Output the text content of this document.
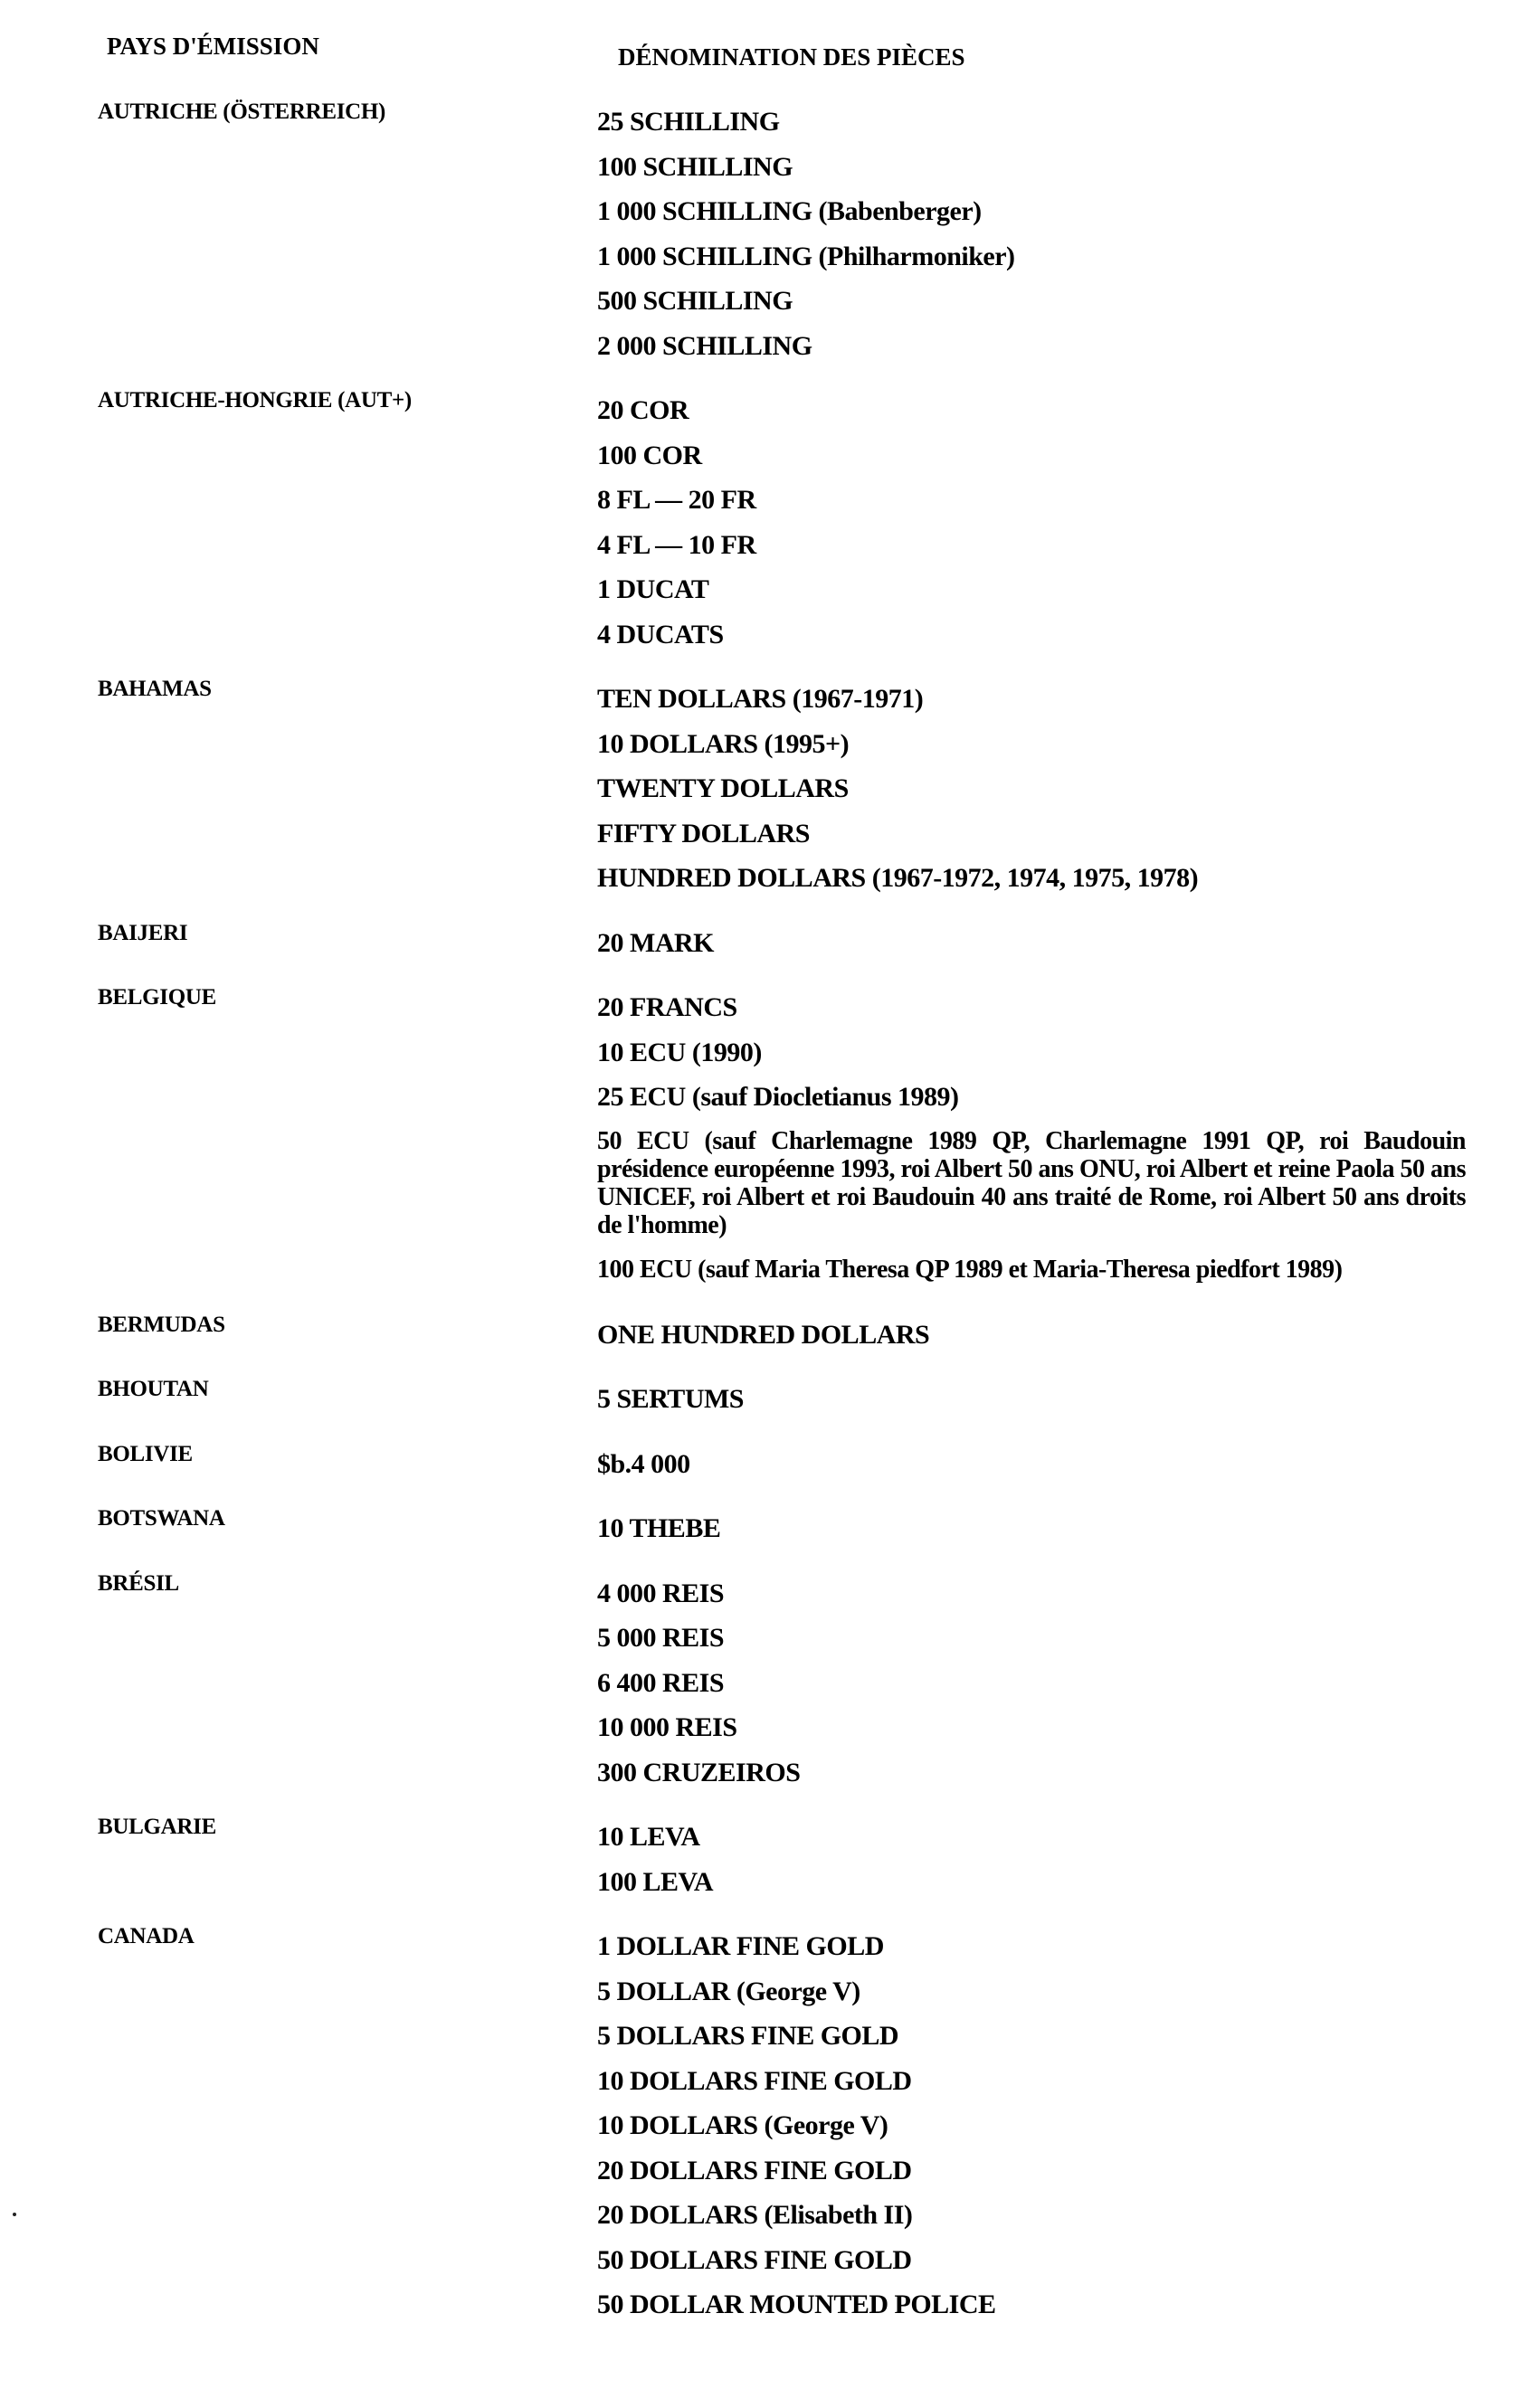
PAYS D'ÉMISSION	DÉNOMINATION DES PIÈCES
AUTRICHE (ÖSTERREICH)	25 SCHILLING
100 SCHILLING
1 000 SCHILLING (Babenberger)
1 000 SCHILLING (Philharmoniker)
500 SCHILLING
2 000 SCHILLING
AUTRICHE-HONGRIE (AUT+)	20 COR
100 COR
8 FL — 20 FR
4 FL — 10 FR
1 DUCAT
4 DUCATS
BAHAMAS	TEN DOLLARS (1967-1971)
10 DOLLARS (1995+)
TWENTY DOLLARS
FIFTY DOLLARS
HUNDRED DOLLARS (1967-1972, 1974, 1975, 1978)
BAIJERI	20 MARK
BELGIQUE	20 FRANCS
10 ECU (1990)
25 ECU (sauf Diocletianus 1989)
50 ECU (sauf Charlemagne 1989 QP, Charlemagne 1991 QP, roi Baudouin présidence européenne 1993, roi Albert 50 ans ONU, roi Albert et reine Paola 50 ans UNICEF, roi Albert et roi Baudouin 40 ans traité de Rome, roi Albert 50 ans droits de l'homme)
100 ECU (sauf Maria Theresa QP 1989 et Maria-Theresa piedfort 1989)
BERMUDAS	ONE HUNDRED DOLLARS
BHOUTAN	5 SERTUMS
BOLIVIE	$b.4 000
BOTSWANA	10 THEBE
BRÉSIL	4 000 REIS
5 000 REIS
6 400 REIS
10 000 REIS
300 CRUZEIROS
BULGARIE	10 LEVA
100 LEVA
CANADA	1 DOLLAR FINE GOLD
5 DOLLAR (George V)
5 DOLLARS FINE GOLD
10 DOLLARS FINE GOLD
10 DOLLARS (George V)
20 DOLLARS FINE GOLD
20 DOLLARS (Elisabeth II)
50 DOLLARS FINE GOLD
50 DOLLAR MOUNTED POLICE
